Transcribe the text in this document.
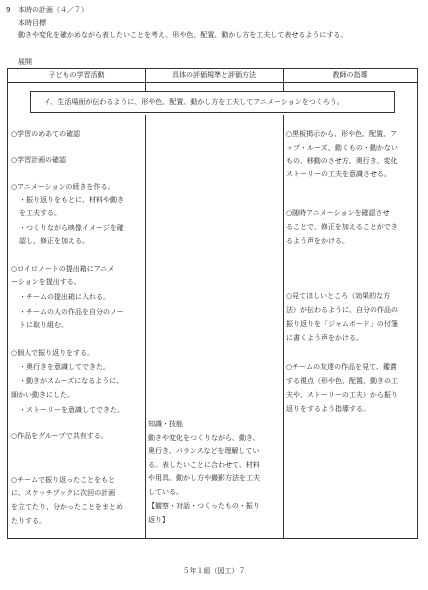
9 本時の計画（４／７）
本時目標
動きや変化を確かめながら表したいことを考え、形や色、配置、動かし方を工夫して表せるようにする。
展開
子どもの学習活動	具体の評価規準と評価方法	教師の指導
イ．生活場面が伝わるように、形や色、配置、動かし方を工夫してアニメーションをつくろう。
○学習のめあての確認
○学習計画の確認
○アニメーションの続きを作る。
・振り返りをもとに、材料や動き
を工夫する。
・つくりながら映像イメージを確
認し、修正を加える。
○ロイロノートの提出箱にアニメ
ーションを提出する。
・チームの提出箱に入れる。
・チームの人の作品を自分のノー
トに取り組む。
○個人で振り返りをする。
・奥行きを意識してできた。
・動きがスムーズになるように、
細かい動きにした。
・ストーリーを意識してできた。
○作品をグループで共有する。
○チームで振り返ったことをもと
に、スケッチブックに次回の計画
を立てたり、分かったことをまとめ
たりする。
知識・技能
動きや変化をつくりながら、動き、
奥行き、バランスなどを理解してい
る。表したいことに合わせて、材料
や用具、動かし方や撮影方法を工夫
している。
【観察・対話・つくったもの・振り
返り】
○黒板掲示から、形や色、配置、ア
ップ・ルーズ、動くもの・動かない
もの、移動のさせ方、奥行き、変化
ストーリーの工夫を意識させる。
○随時アニメーションを確認させ
ることで、修正を加えることができ
るよう声をかける。
○見てほしいところ（効果的な方
法）が伝わるように、自分の作品の
振り返りを「ジャムボード」の付箋
に書くよう声をかける。
○チームの友達の作品を見て、鑑賞
する視点（形や色、配置、動きの工
夫や、ストーリーの工夫）から振り
返りをするよう指導する。
５年１組（図工）７
